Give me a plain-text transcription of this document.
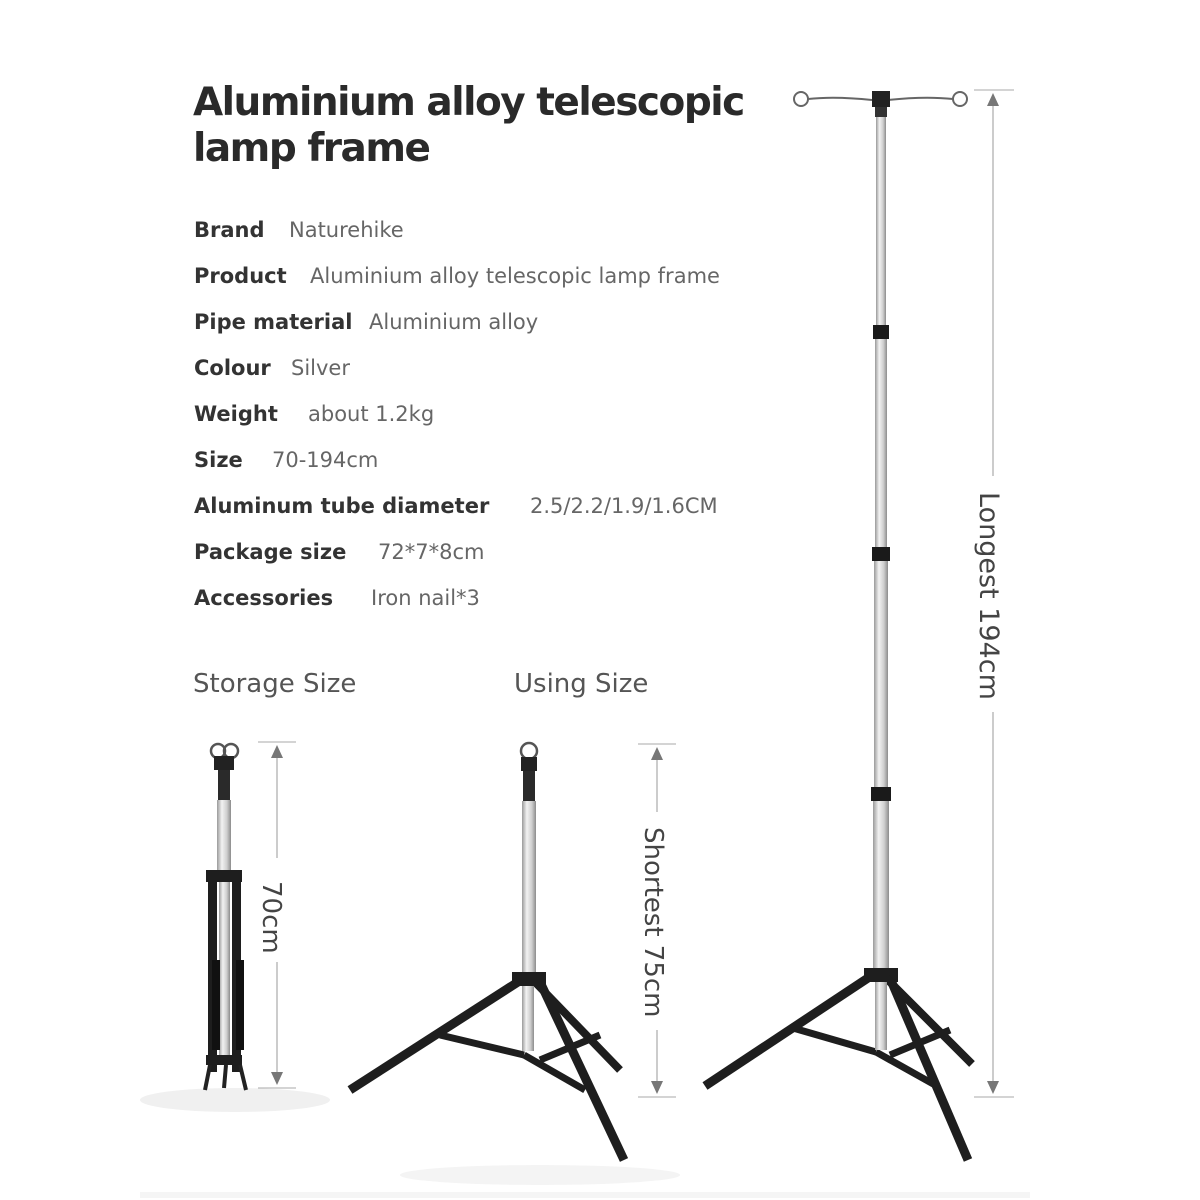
Aluminium alloy telescopic lamp frame
Brand Naturehike
Product Aluminium alloy telescopic lamp frame
Pipe material Aluminium alloy
Colour Silver
Weight about 1.2kg
Size 70-194cm
Aluminum tube diameter 2.5/2.2/1.9/1.6CM
Package size 72*7*8cm
Accessories Iron nail*3
Storage Size	Using Size
70cm	Shortest 75cm
Longest 194cm
